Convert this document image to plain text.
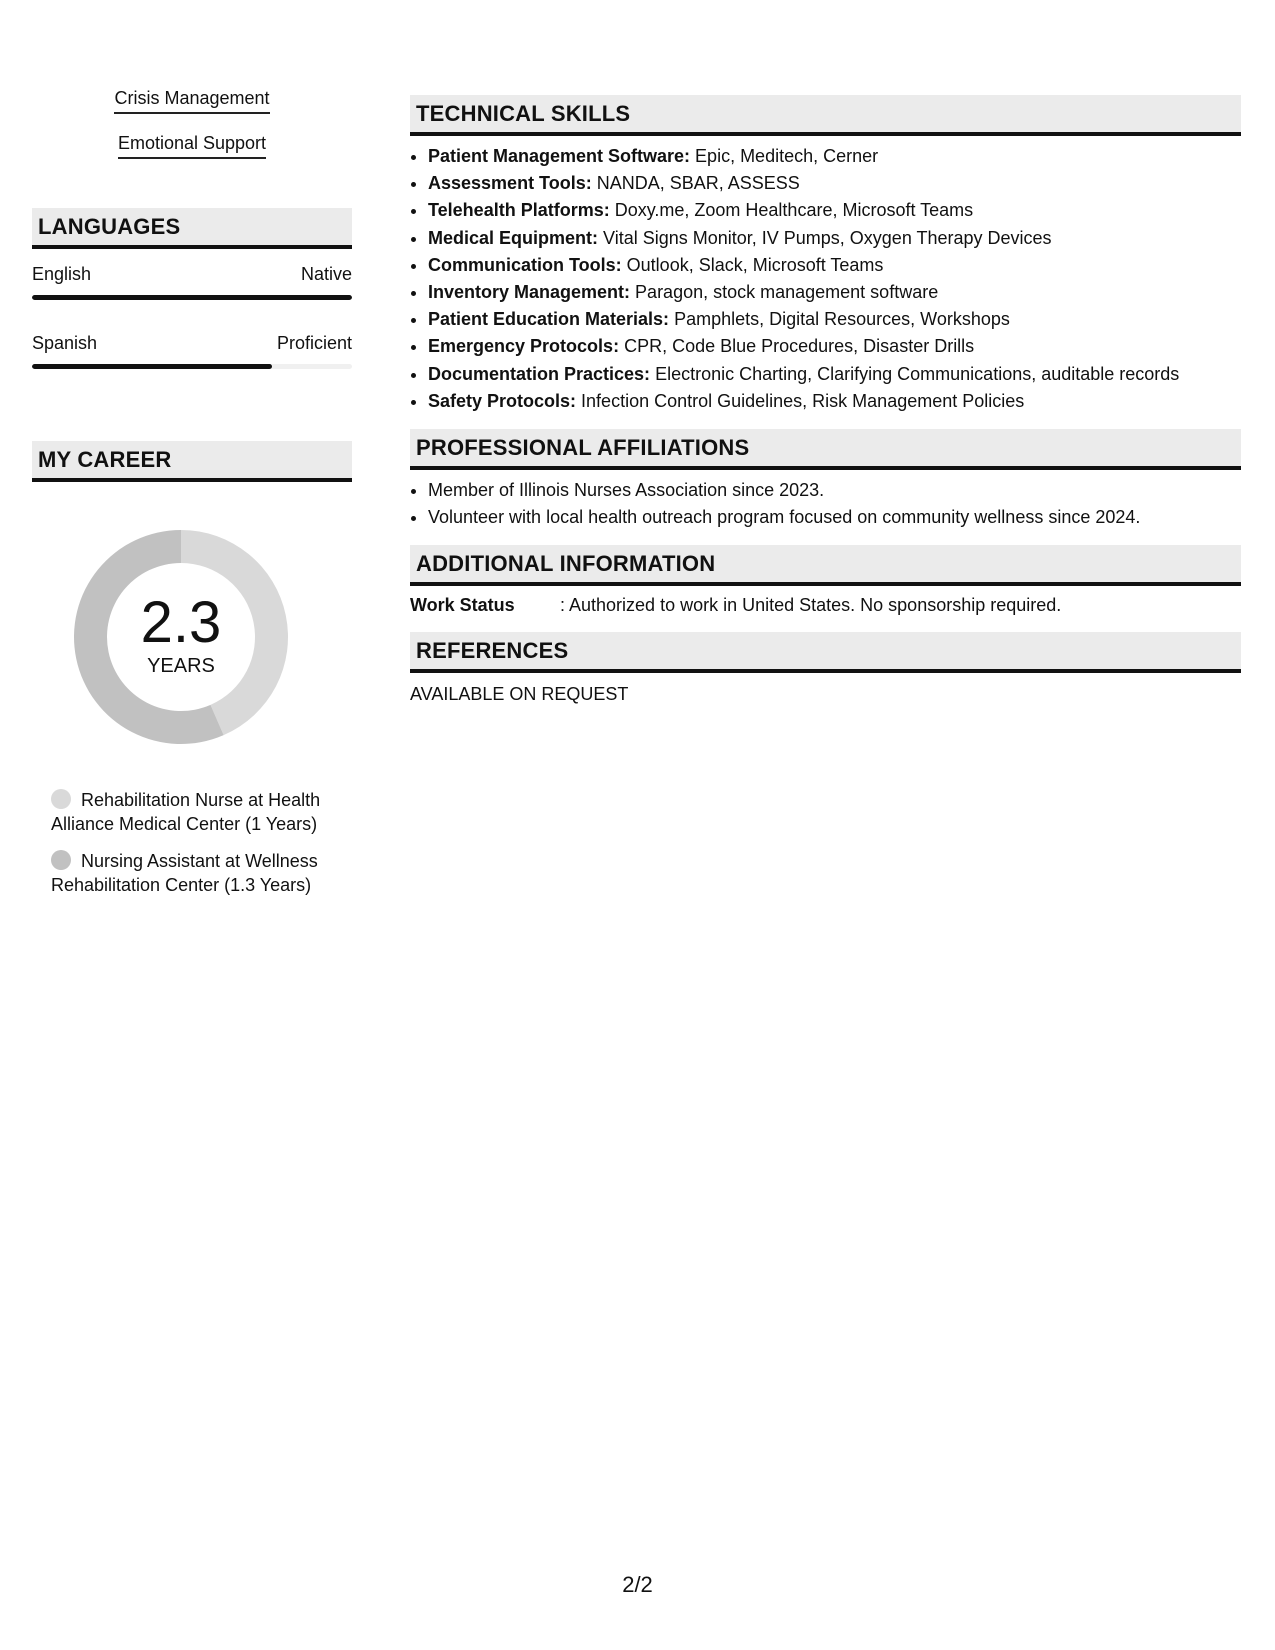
Crisis Management
Emotional Support
LANGUAGES
English	Native
Spanish	Proficient
MY CAREER
2.3
YEARS
Rehabilitation Nurse at Health Alliance Medical Center (1 Years)
Nursing Assistant at Wellness Rehabilitation Center (1.3 Years)
TECHNICAL SKILLS
• Patient Management Software: Epic, Meditech, Cerner
• Assessment Tools: NANDA, SBAR, ASSESS
• Telehealth Platforms: Doxy.me, Zoom Healthcare, Microsoft Teams
• Medical Equipment: Vital Signs Monitor, IV Pumps, Oxygen Therapy Devices
• Communication Tools: Outlook, Slack, Microsoft Teams
• Inventory Management: Paragon, stock management software
• Patient Education Materials: Pamphlets, Digital Resources, Workshops
• Emergency Protocols: CPR, Code Blue Procedures, Disaster Drills
• Documentation Practices: Electronic Charting, Clarifying Communications, auditable records
• Safety Protocols: Infection Control Guidelines, Risk Management Policies
PROFESSIONAL AFFILIATIONS
• Member of Illinois Nurses Association since 2023.
• Volunteer with local health outreach program focused on community wellness since 2024.
ADDITIONAL INFORMATION
Work Status	: Authorized to work in United States. No sponsorship required.
REFERENCES
AVAILABLE ON REQUEST
2/2
